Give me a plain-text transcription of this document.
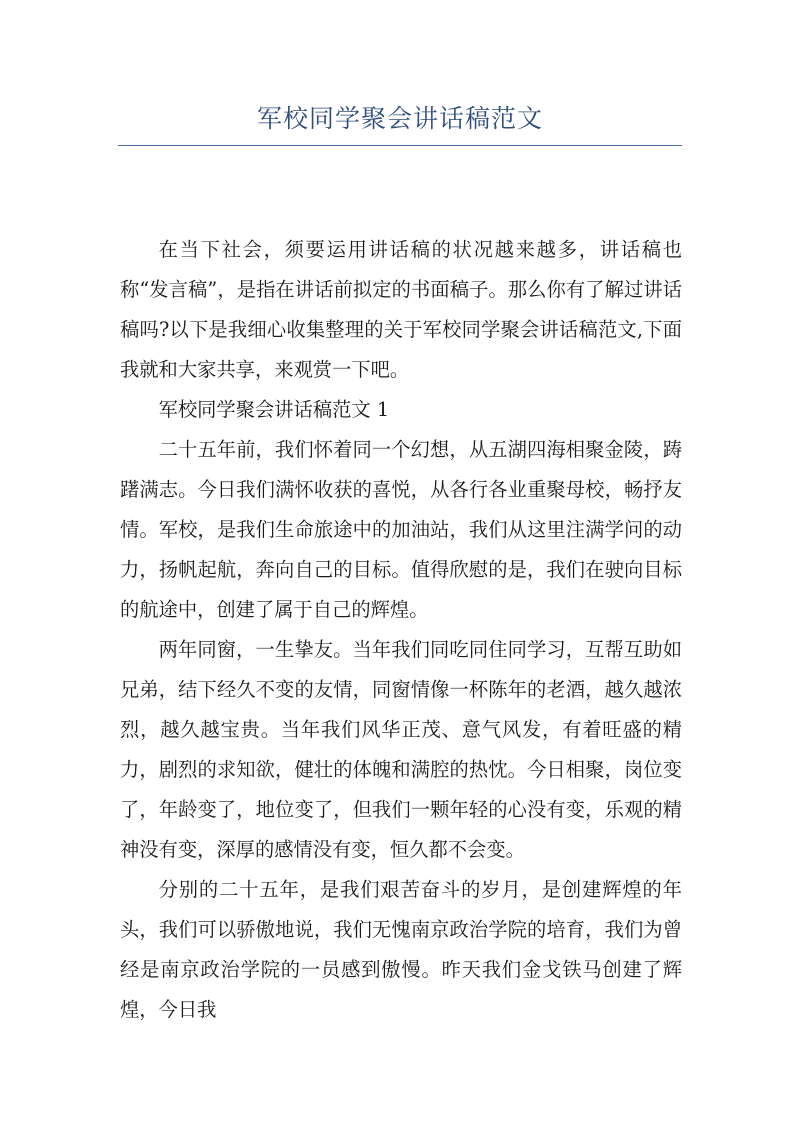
军校同学聚会讲话稿范文

在当下社会，须要运用讲话稿的状况越来越多，讲话稿也称“发言稿”，是指在讲话前拟定的书面稿子。那么你有了解过讲话稿吗?以下是我细心收集整理的关于军校同学聚会讲话稿范文,下面我就和大家共享，来观赏一下吧。

军校同学聚会讲话稿范文 1

二十五年前，我们怀着同一个幻想，从五湖四海相聚金陵，踌躇满志。今日我们满怀收获的喜悦，从各行各业重聚母校，畅抒友情。军校，是我们生命旅途中的加油站，我们从这里注满学问的动力，扬帆起航，奔向自己的目标。值得欣慰的是，我们在驶向目标的航途中，创建了属于自己的辉煌。

两年同窗，一生挚友。当年我们同吃同住同学习，互帮互助如兄弟，结下经久不变的友情，同窗情像一杯陈年的老酒，越久越浓烈，越久越宝贵。当年我们风华正茂、意气风发，有着旺盛的精力，剧烈的求知欲，健壮的体魄和满腔的热忱。今日相聚，岗位变了，年龄变了，地位变了，但我们一颗年轻的心没有变，乐观的精神没有变，深厚的感情没有变，恒久都不会变。

分别的二十五年，是我们艰苦奋斗的岁月，是创建辉煌的年头，我们可以骄傲地说，我们无愧南京政治学院的培育，我们为曾经是南京政治学院的一员感到傲慢。昨天我们金戈铁马创建了辉煌，今日我
